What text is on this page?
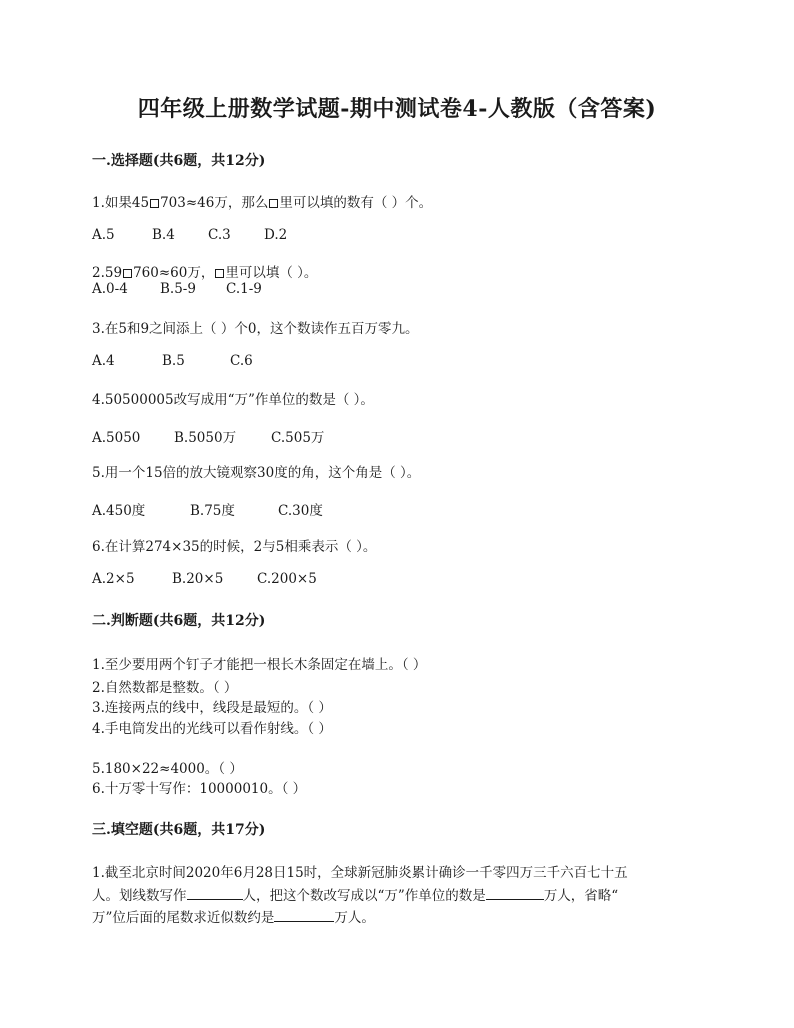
四年级上册数学试题-期中测试卷4-人教版（含答案)
一.选择题(共6题，共12分)
1.如果45 703≈46万，那么 里可以填的数有（ ）个。
A.5	B.4 C.3 D.2
2.59 760≈60万， 里可以填（ ）。
A.0-4 B.5-9 C.1-9
3.在5和9之间添上（ ）个0，这个数读作五百万零九。
A.4	B.5	C.6
4.50500005改写成用“万”作单位的数是（ ）。
A.5050 B.5050万	C.505万
5.用一个15倍的放大镜观察30度的角，这个角是（ ）。
A.450度	B.75度	C.30度
6.在计算274×35的时候，2与5相乘表示（ ）。
A.2×5	B.20×5 C.200×5
二.判断题(共6题，共12分)
1.至少要用两个钉子才能把一根长木条固定在墙上。（ ）
2.自然数都是整数。（ ）
3.连接两点的线中，线段是最短的。（ ）
4.手电筒发出的光线可以看作射线。（ ）
5.180×22≈4000。（ ）
6.十万零十写作：10000010。（ ）
三.填空题(共6题，共17分)
1.截至北京时间2020年6月28日15时，全球新冠肺炎累计确诊一千零四万三千六百七十五
人。划线数写作	人，把这个数改写成以“万”作单位的数是	万人，省略“
万”位后面的尾数求近似数约是	万人。
